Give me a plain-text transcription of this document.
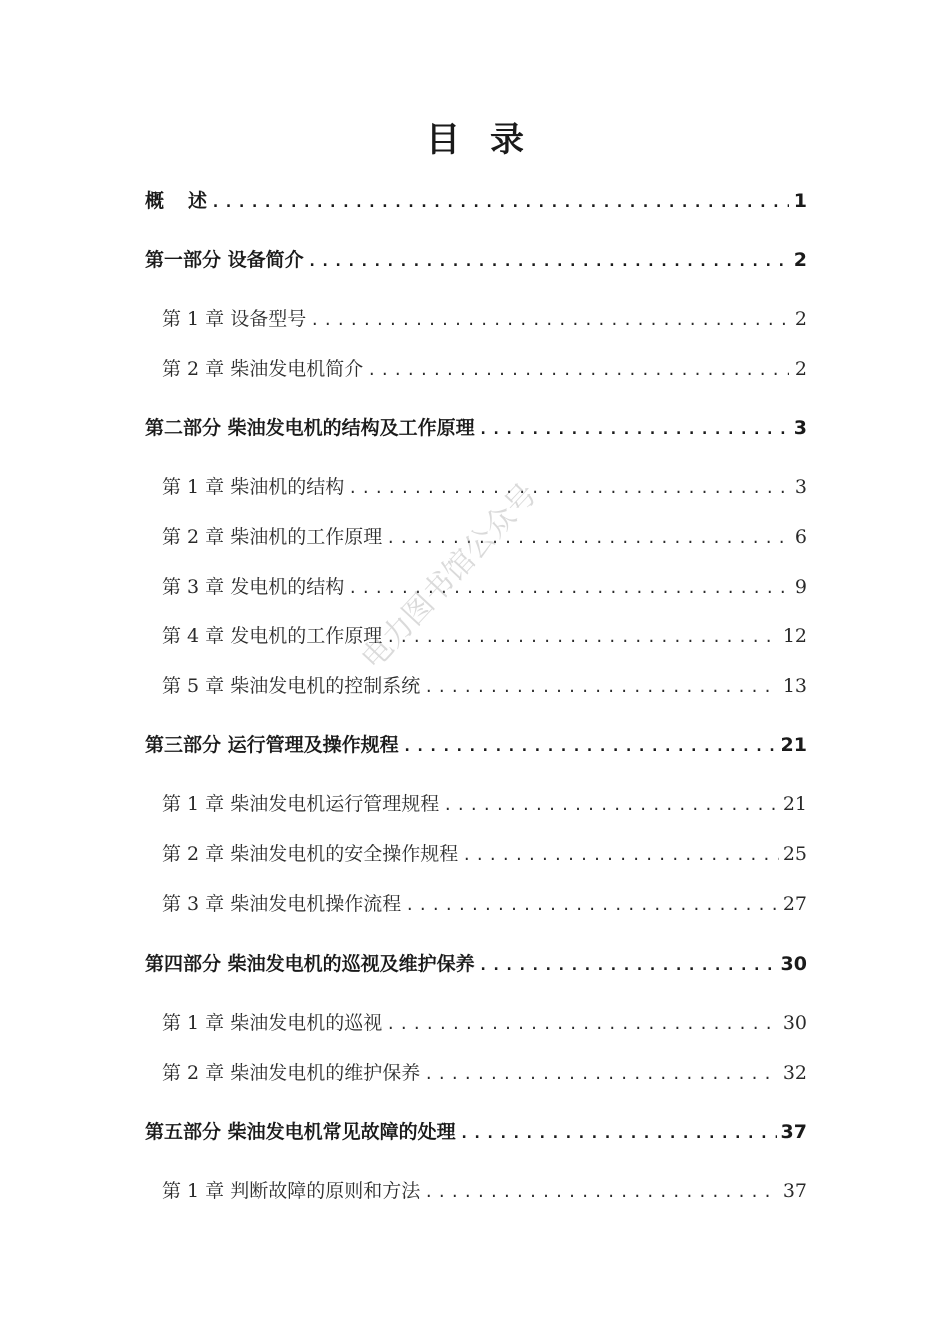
目 录
概 述 .....	1
第一部分 设备简介 .....	2
第 1 章 设备型号 .....	2
第 2 章 柴油发电机简介 .....	2
第二部分 柴油发电机的结构及工作原理 .....	3
第 1 章 柴油机的结构 .....	3
第 2 章 柴油机的工作原理 .....	6
第 3 章 发电机的结构 .....	9
第 4 章 发电机的工作原理 .....	12
第 5 章 柴油发电机的控制系统 .....	13
第三部分 运行管理及操作规程 .....	21
第 1 章 柴油发电机运行管理规程 .....	21
第 2 章 柴油发电机的安全操作规程 .....	25
第 3 章 柴油发电机操作流程 .....	27
第四部分 柴油发电机的巡视及维护保养 .....	30
第 1 章 柴油发电机的巡视 .....	30
第 2 章 柴油发电机的维护保养 .....	32
第五部分 柴油发电机常见故障的处理 .....	37
第 1 章 判断故障的原则和方法 .....	37
电力图书馆公众号
